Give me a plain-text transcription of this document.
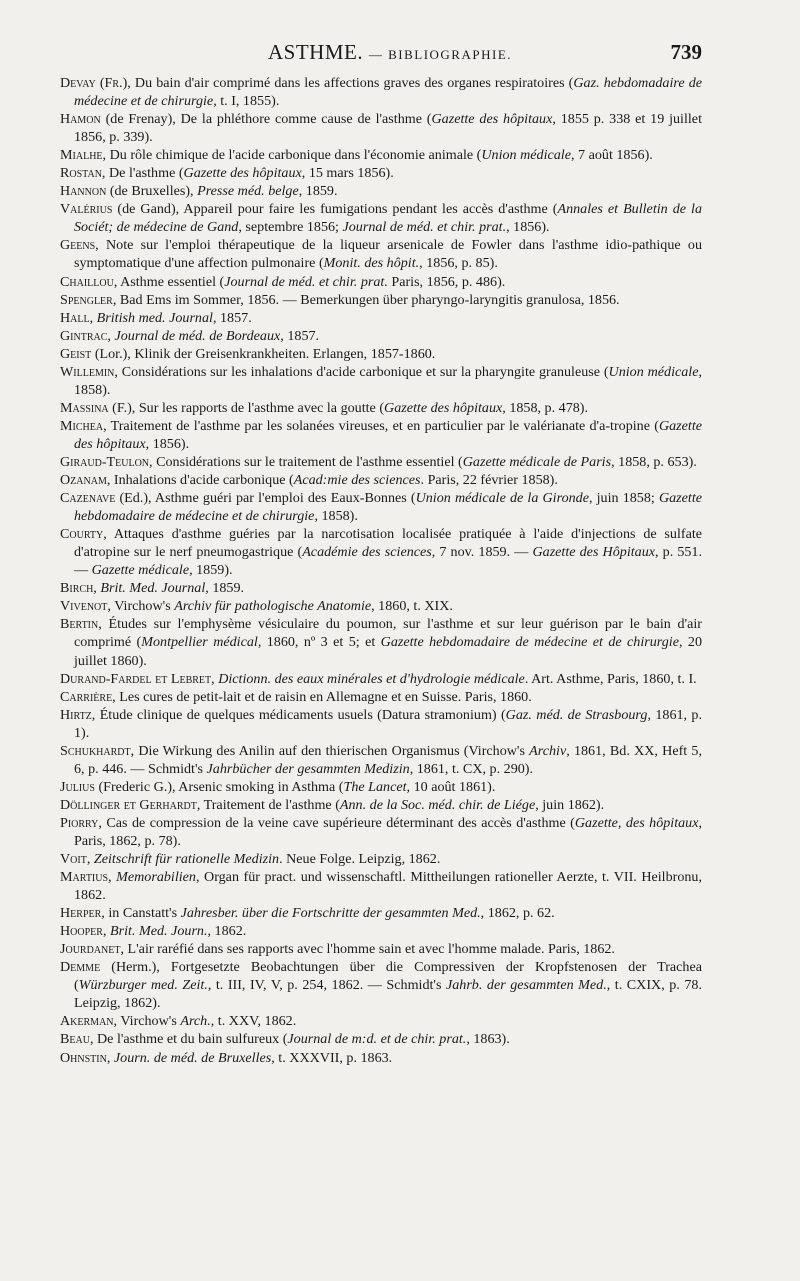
ASTHME. — BIBLIOGRAPHIE.	739
Devay (Fr.), Du bain d'air comprimé dans les affections graves des organes respiratoires (Gaz. hebdomadaire de médecine et de chirurgie, t. I, 1855).
Hamon (de Frenay), De la phléthore comme cause de l'asthme (Gazette des hôpitaux, 1855 p. 338 et 19 juillet 1856, p. 339).
Mialhe, Du rôle chimique de l'acide carbonique dans l'économie animale (Union médicale, 7 août 1856).
Rostan, De l'asthme (Gazette des hôpitaux, 15 mars 1856).
Hannon (de Bruxelles), Presse méd. belge, 1859.
Valérius (de Gand), Appareil pour faire les fumigations pendant les accès d'asthme (Annales et Bulletin de la Sociét; de médecine de Gand, septembre 1856; Journal de méd. et chir. prat., 1856).
Geens, Note sur l'emploi thérapeutique de la liqueur arsenicale de Fowler dans l'asthme idio-pathique ou symptomatique d'une affection pulmonaire (Monit. des hôpit., 1856, p. 85).
Chaillou, Asthme essentiel (Journal de méd. et chir. prat. Paris, 1856, p. 486).
Spengler, Bad Ems im Sommer, 1856. — Bemerkungen über pharyngo-laryngitis granulosa, 1856.
Hall, British med. Journal, 1857.
Gintrac, Journal de méd. de Bordeaux, 1857.
Geist (Lor.), Klinik der Greisenkrankheiten. Erlangen, 1857-1860.
Willemin, Considérations sur les inhalations d'acide carbonique et sur la pharyngite granuleuse (Union médicale, 1858).
Massina (F.), Sur les rapports de l'asthme avec la goutte (Gazette des hôpitaux, 1858, p. 478).
Michea, Traitement de l'asthme par les solanées vireuses, et en particulier par le valérianate d'a-tropine (Gazette des hôpitaux, 1856).
Giraud-Teulon, Considérations sur le traitement de l'asthme essentiel (Gazette médicale de Paris, 1858, p. 653).
Ozanam, Inhalations d'acide carbonique (Acad:mie des sciences. Paris, 22 février 1858).
Cazenave (Ed.), Asthme guéri par l'emploi des Eaux-Bonnes (Union médicale de la Gironde, juin 1858; Gazette hebdomadaire de médecine et de chirurgie, 1858).
Courty, Attaques d'asthme guéries par la narcotisation localisée pratiquée à l'aide d'injections de sulfate d'atropine sur le nerf pneumogastrique (Académie des sciences, 7 nov. 1859. — Gazette des Hôpitaux, p. 551. — Gazette médicale, 1859).
Birch, Brit. Med. Journal, 1859.
Vivenot, Virchow's Archiv für pathologische Anatomie, 1860, t. XIX.
Bertin, Études sur l'emphysème vésiculaire du poumon, sur l'asthme et sur leur guérison par le bain d'air comprimé (Montpellier médical, 1860, nº 3 et 5; et Gazette hebdomadaire de médecine et de chirurgie, 20 juillet 1860).
Durand-Fardel et Lebret, Dictionn. des eaux minérales et d'hydrologie médicale. Art. Asthme, Paris, 1860, t. I.
Carrière, Les cures de petit-lait et de raisin en Allemagne et en Suisse. Paris, 1860.
Hirtz, Étude clinique de quelques médicaments usuels (Datura stramonium) (Gaz. méd. de Strasbourg, 1861, p. 1).
Schukhardt, Die Wirkung des Anilin auf den thierischen Organismus (Virchow's Archiv, 1861, Bd. XX, Heft 5, 6, p. 446. — Schmidt's Jahrbücher der gesammten Medizin, 1861, t. CX, p. 290).
Julius (Frederic G.), Arsenic smoking in Asthma (The Lancet, 10 août 1861).
Döllinger et Gerhardt, Traitement de l'asthme (Ann. de la Soc. méd. chir. de Liége, juin 1862).
Piorry, Cas de compression de la veine cave supérieure déterminant des accès d'asthme (Gazette, des hôpitaux, Paris, 1862, p. 78).
Voit, Zeitschrift für rationelle Medizin. Neue Folge. Leipzig, 1862.
Martius, Memorabilien, Organ für pract. und wissenschaftl. Mittheilungen rationeller Aerzte, t. VII. Heilbronu, 1862.
Herper, in Canstatt's Jahresber. über die Fortschritte der gesammten Med., 1862, p. 62.
Hooper, Brit. Med. Journ., 1862.
Jourdanet, L'air raréfié dans ses rapports avec l'homme sain et avec l'homme malade. Paris, 1862.
Demme (Herm.), Fortgesetzte Beobachtungen über die Compressiven der Kropfstenosen der Trachea (Würzburger med. Zeit., t. III, IV, V, p. 254, 1862. — Schmidt's Jahrb. der gesammten Med., t. CXIX, p. 78. Leipzig, 1862).
Akerman, Virchow's Arch., t. XXV, 1862.
Beau, De l'asthme et du bain sulfureux (Journal de m:d. et de chir. prat., 1863).
Ohnstin, Journ. de méd. de Bruxelles, t. XXXVII, p. 1863.
